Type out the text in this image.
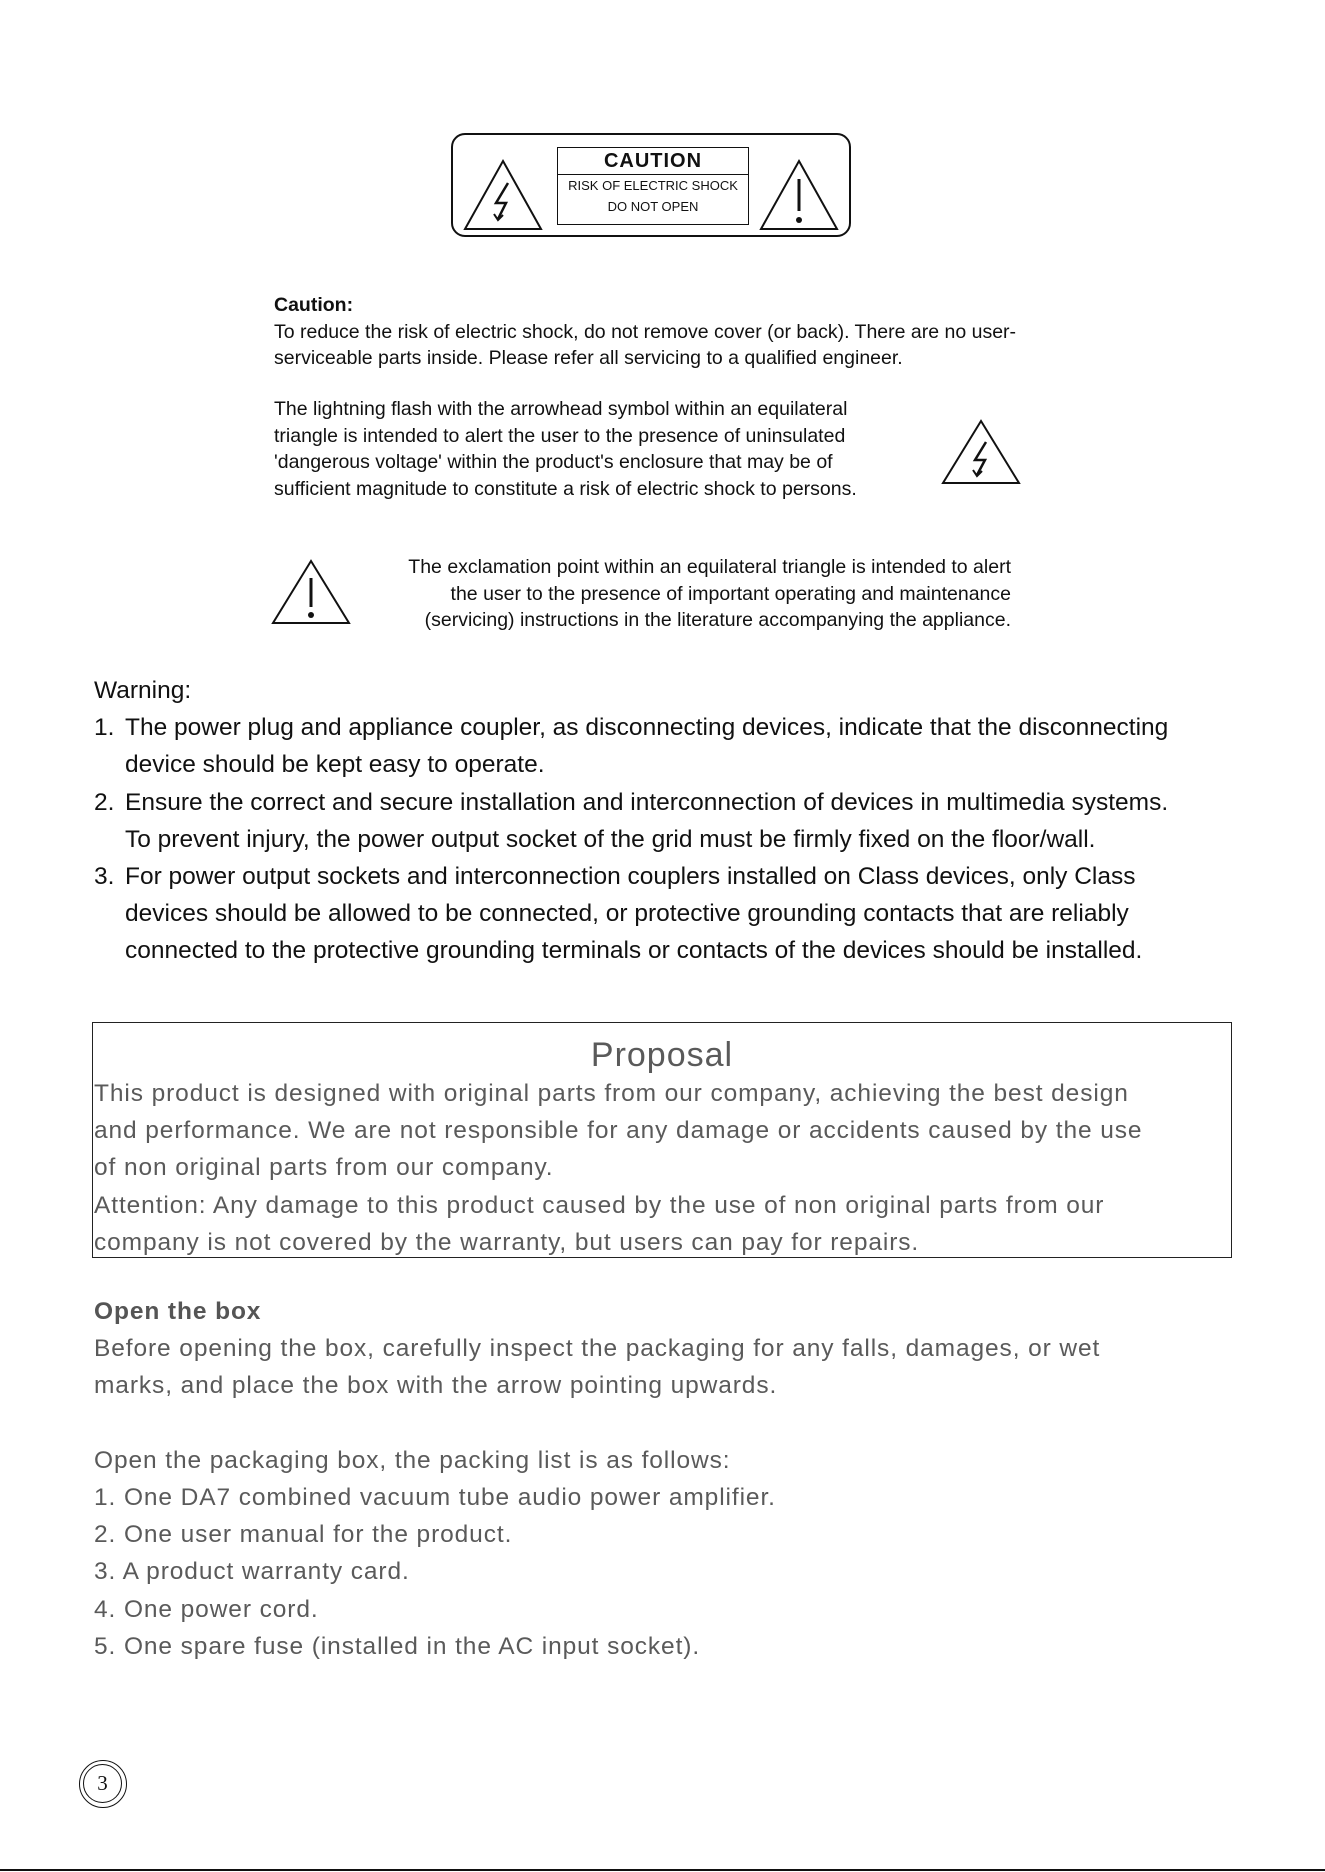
CAUTION
RISK OF ELECTRIC SHOCK
DO NOT OPEN
Caution:
To reduce the risk of electric shock, do not remove cover (or back). There are no user-serviceable parts inside. Please refer all servicing to a qualified engineer.
The lightning flash with the arrowhead symbol within an equilateral
triangle is intended to alert the user to the presence of uninsulated
'dangerous voltage' within the product's enclosure that may be of
sufficient magnitude to constitute a risk of electric shock to persons.
The exclamation point within an equilateral triangle is intended to alert
the user to the presence of important operating and maintenance
(servicing) instructions in the literature accompanying the appliance.
Warning:
1. The power plug and appliance coupler, as disconnecting devices, indicate that the disconnecting
device should be kept easy to operate.
2. Ensure the correct and secure installation and interconnection of devices in multimedia systems.
To prevent injury, the power output socket of the grid must be firmly fixed on the floor/wall.
3. For power output sockets and interconnection couplers installed on Class devices, only Class
devices should be allowed to be connected, or protective grounding contacts that are reliably
connected to the protective grounding terminals or contacts of the devices should be installed.
Proposal
This product is designed with original parts from our company, achieving the best design
and performance. We are not responsible for any damage or accidents caused by the use
of non original parts from our company.
Attention: Any damage to this product caused by the use of non original parts from our
company is not covered by the warranty, but users can pay for repairs.
Open the box
Before opening the box, carefully inspect the packaging for any falls, damages, or wet
marks, and place the box with the arrow pointing upwards.
Open the packaging box, the packing list is as follows:
1. One DA7 combined vacuum tube audio power amplifier.
2. One user manual for the product.
3. A product warranty card.
4. One power cord.
5. One spare fuse (installed in the AC input socket).
3
